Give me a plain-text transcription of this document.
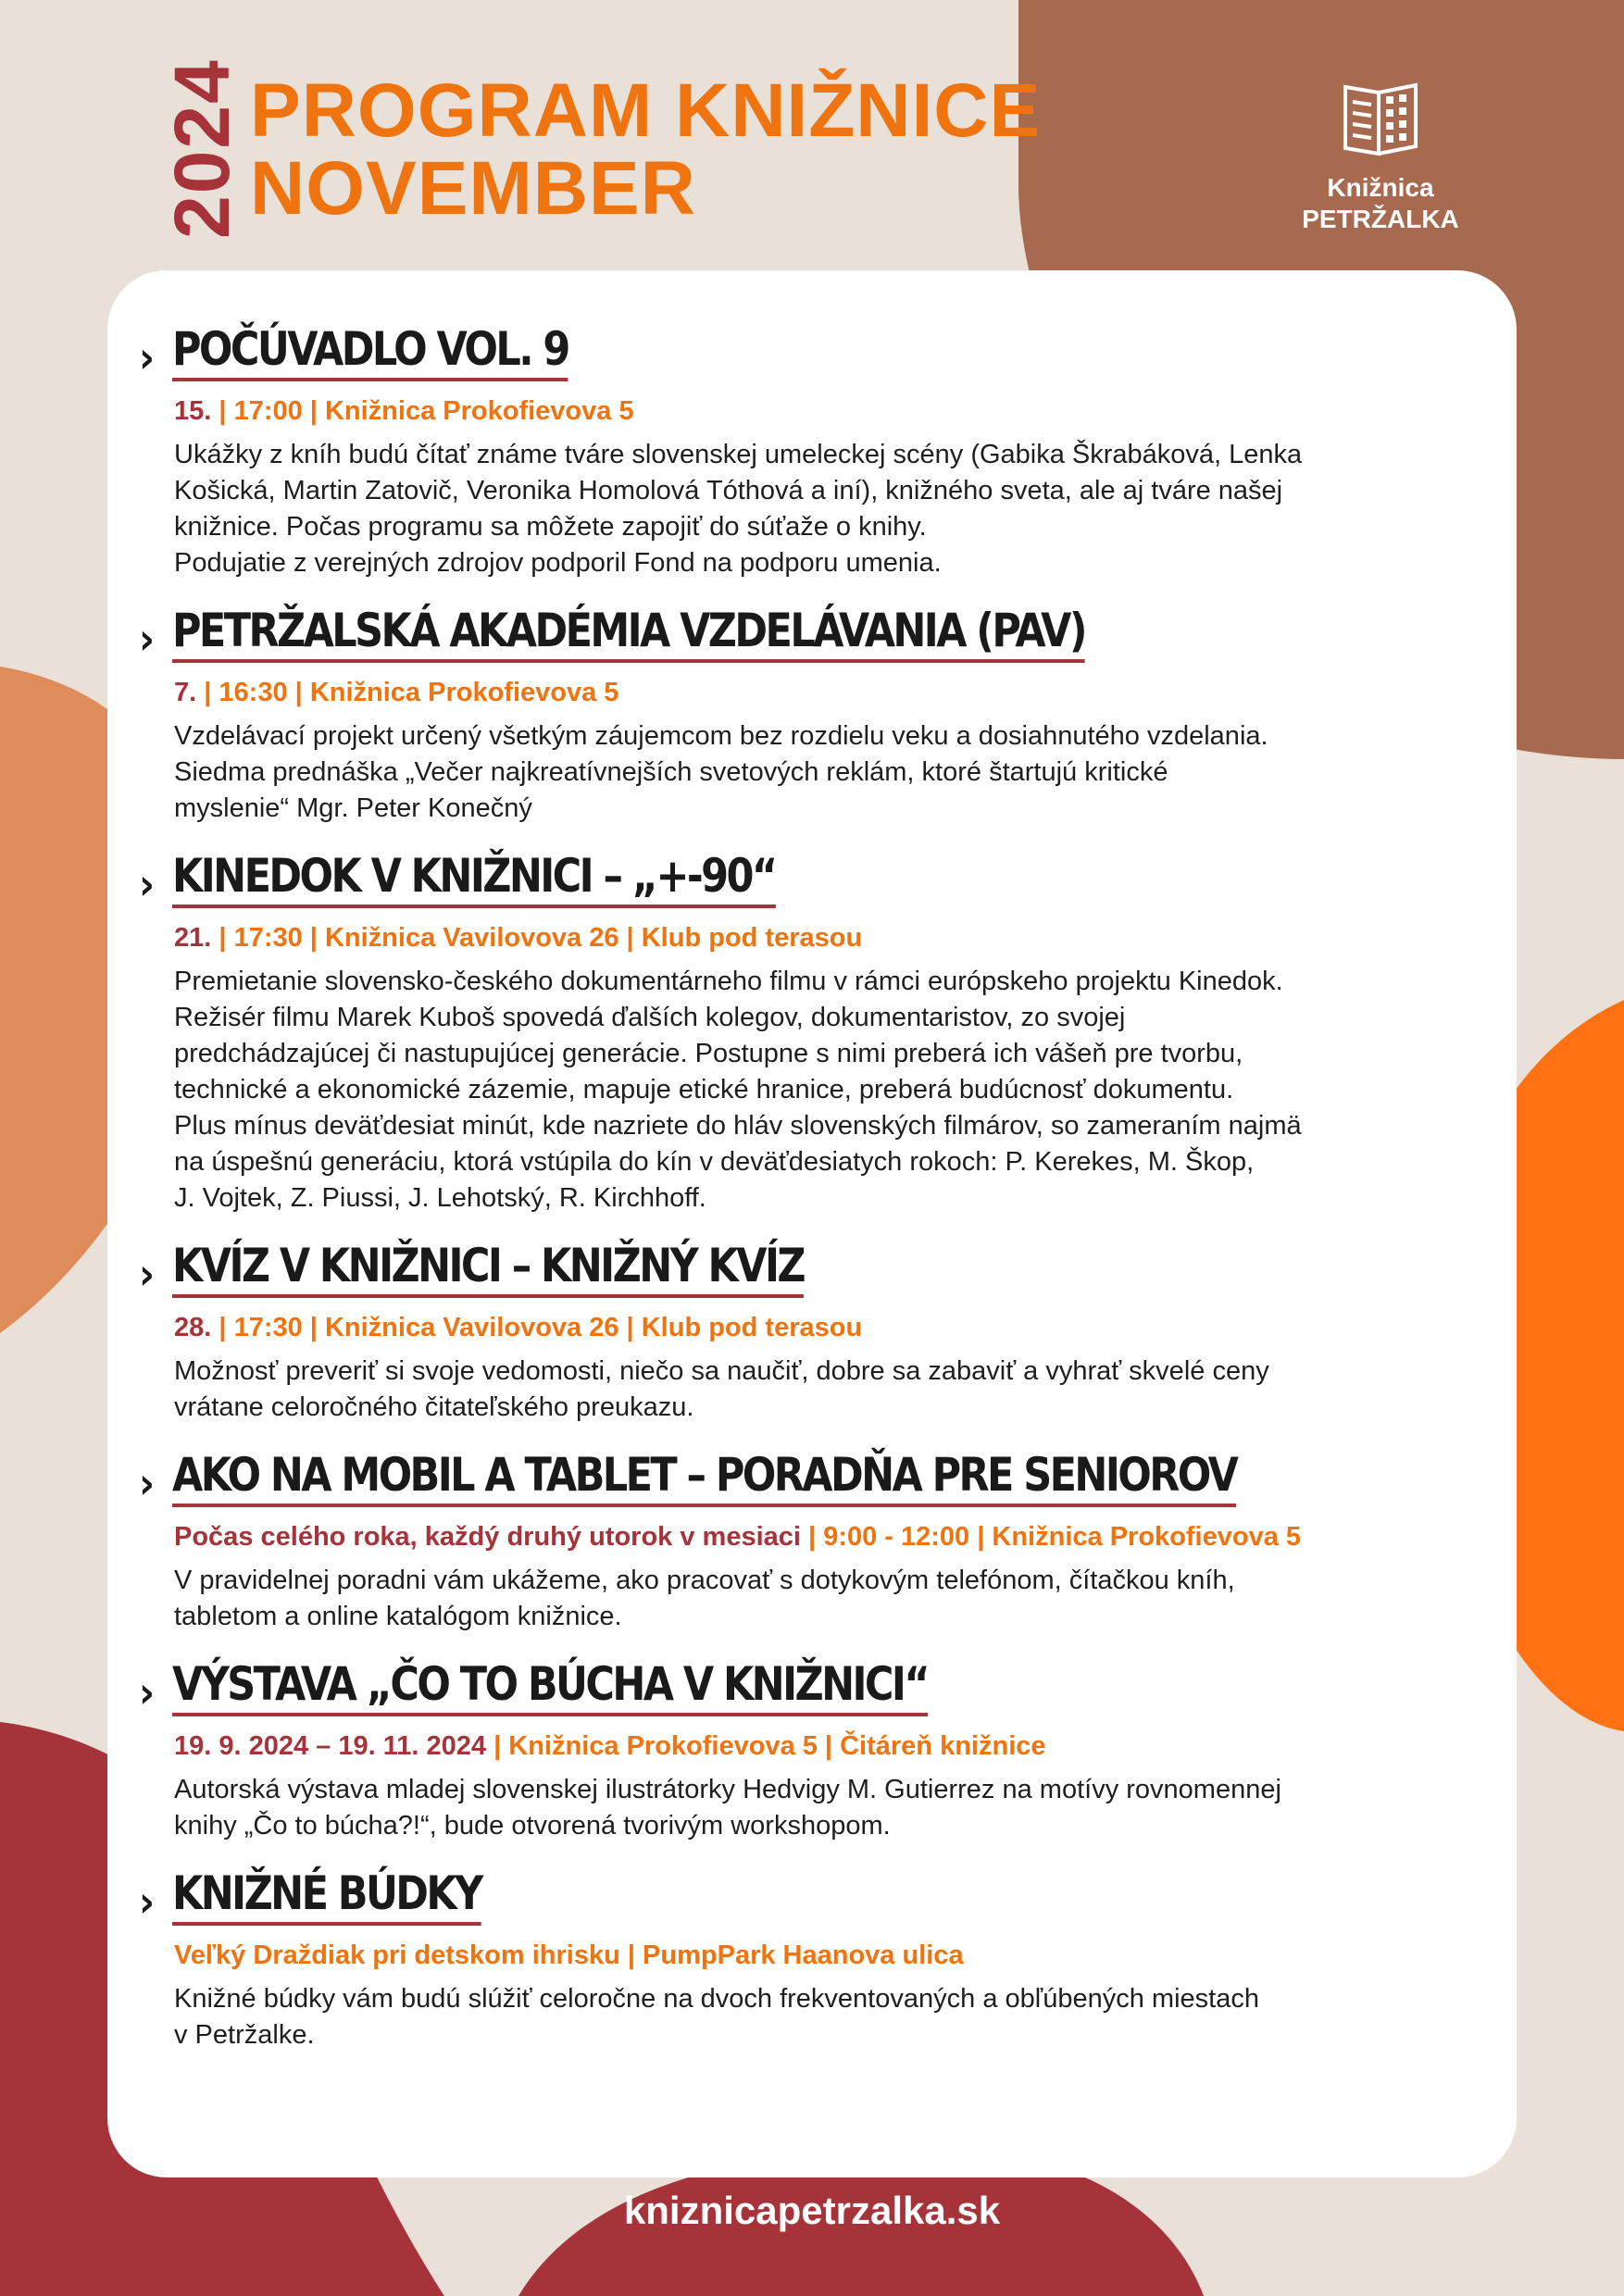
2024 PROGRAM KNIŽNICE
NOVEMBER	Knižnica
PETRŽALKA
› POČÚVADLO VOL. 9
15. | 17:00 | Knižnica Prokofievova 5
Ukážky z kníh budú čítať známe tváre slovenskej umeleckej scény (Gabika Škrabáková, Lenka
Košická, Martin Zatovič, Veronika Homolová Tóthová a iní), knižného sveta, ale aj tváre našej
knižnice. Počas programu sa môžete zapojiť do súťaže o knihy.
Podujatie z verejných zdrojov podporil Fond na podporu umenia.
› PETRŽALSKÁ AKADÉMIA VZDELÁVANIA (PAV)
7. | 16:30 | Knižnica Prokofievova 5
Vzdelávací projekt určený všetkým záujemcom bez rozdielu veku a dosiahnutého vzdelania.
Siedma prednáška „Večer najkreatívnejších svetových reklám, ktoré štartujú kritické
myslenie“ Mgr. Peter Konečný
› KINEDOK V KNIŽNICI – „+-90“
21. | 17:30 | Knižnica Vavilovova 26 | Klub pod terasou
Premietanie slovensko-českého dokumentárneho filmu v rámci európskeho projektu Kinedok.
Režisér filmu Marek Kuboš spovedá ďalších kolegov, dokumentaristov, zo svojej
predchádzajúcej či nastupujúcej generácie. Postupne s nimi preberá ich vášeň pre tvorbu,
technické a ekonomické zázemie, mapuje etické hranice, preberá budúcnosť dokumentu.
Plus mínus deväťdesiat minút, kde nazriete do hláv slovenských filmárov, so zameraním najmä
na úspešnú generáciu, ktorá vstúpila do kín v deväťdesiatych rokoch: P. Kerekes, M. Škop,
J. Vojtek, Z. Piussi, J. Lehotský, R. Kirchhoff.
› KVÍZ V KNIŽNICI – KNIŽNÝ KVÍZ
28. | 17:30 | Knižnica Vavilovova 26 | Klub pod terasou
Možnosť preveriť si svoje vedomosti, niečo sa naučiť, dobre sa zabaviť a vyhrať skvelé ceny
vrátane celoročného čitateľského preukazu.
› AKO NA MOBIL A TABLET – PORADŇA PRE SENIOROV
Počas celého roka, každý druhý utorok v mesiaci | 9:00 - 12:00 | Knižnica Prokofievova 5
V pravidelnej poradni vám ukážeme, ako pracovať s dotykovým telefónom, čítačkou kníh,
tabletom a online katalógom knižnice.
› VÝSTAVA „ČO TO BÚCHA V KNIŽNICI“
19. 9. 2024 – 19. 11. 2024 | Knižnica Prokofievova 5 | Čitáreň knižnice
Autorská výstava mladej slovenskej ilustrátorky Hedvigy M. Gutierrez na motívy rovnomennej
knihy „Čo to búcha?!“, bude otvorená tvorivým workshopom.
› KNIŽNÉ BÚDKY
Veľký Draždiak pri detskom ihrisku | PumpPark Haanova ulica
Knižné búdky vám budú slúžiť celoročne na dvoch frekventovaných a obľúbených miestach
v Petržalke.
kniznicapetrzalka.sk
